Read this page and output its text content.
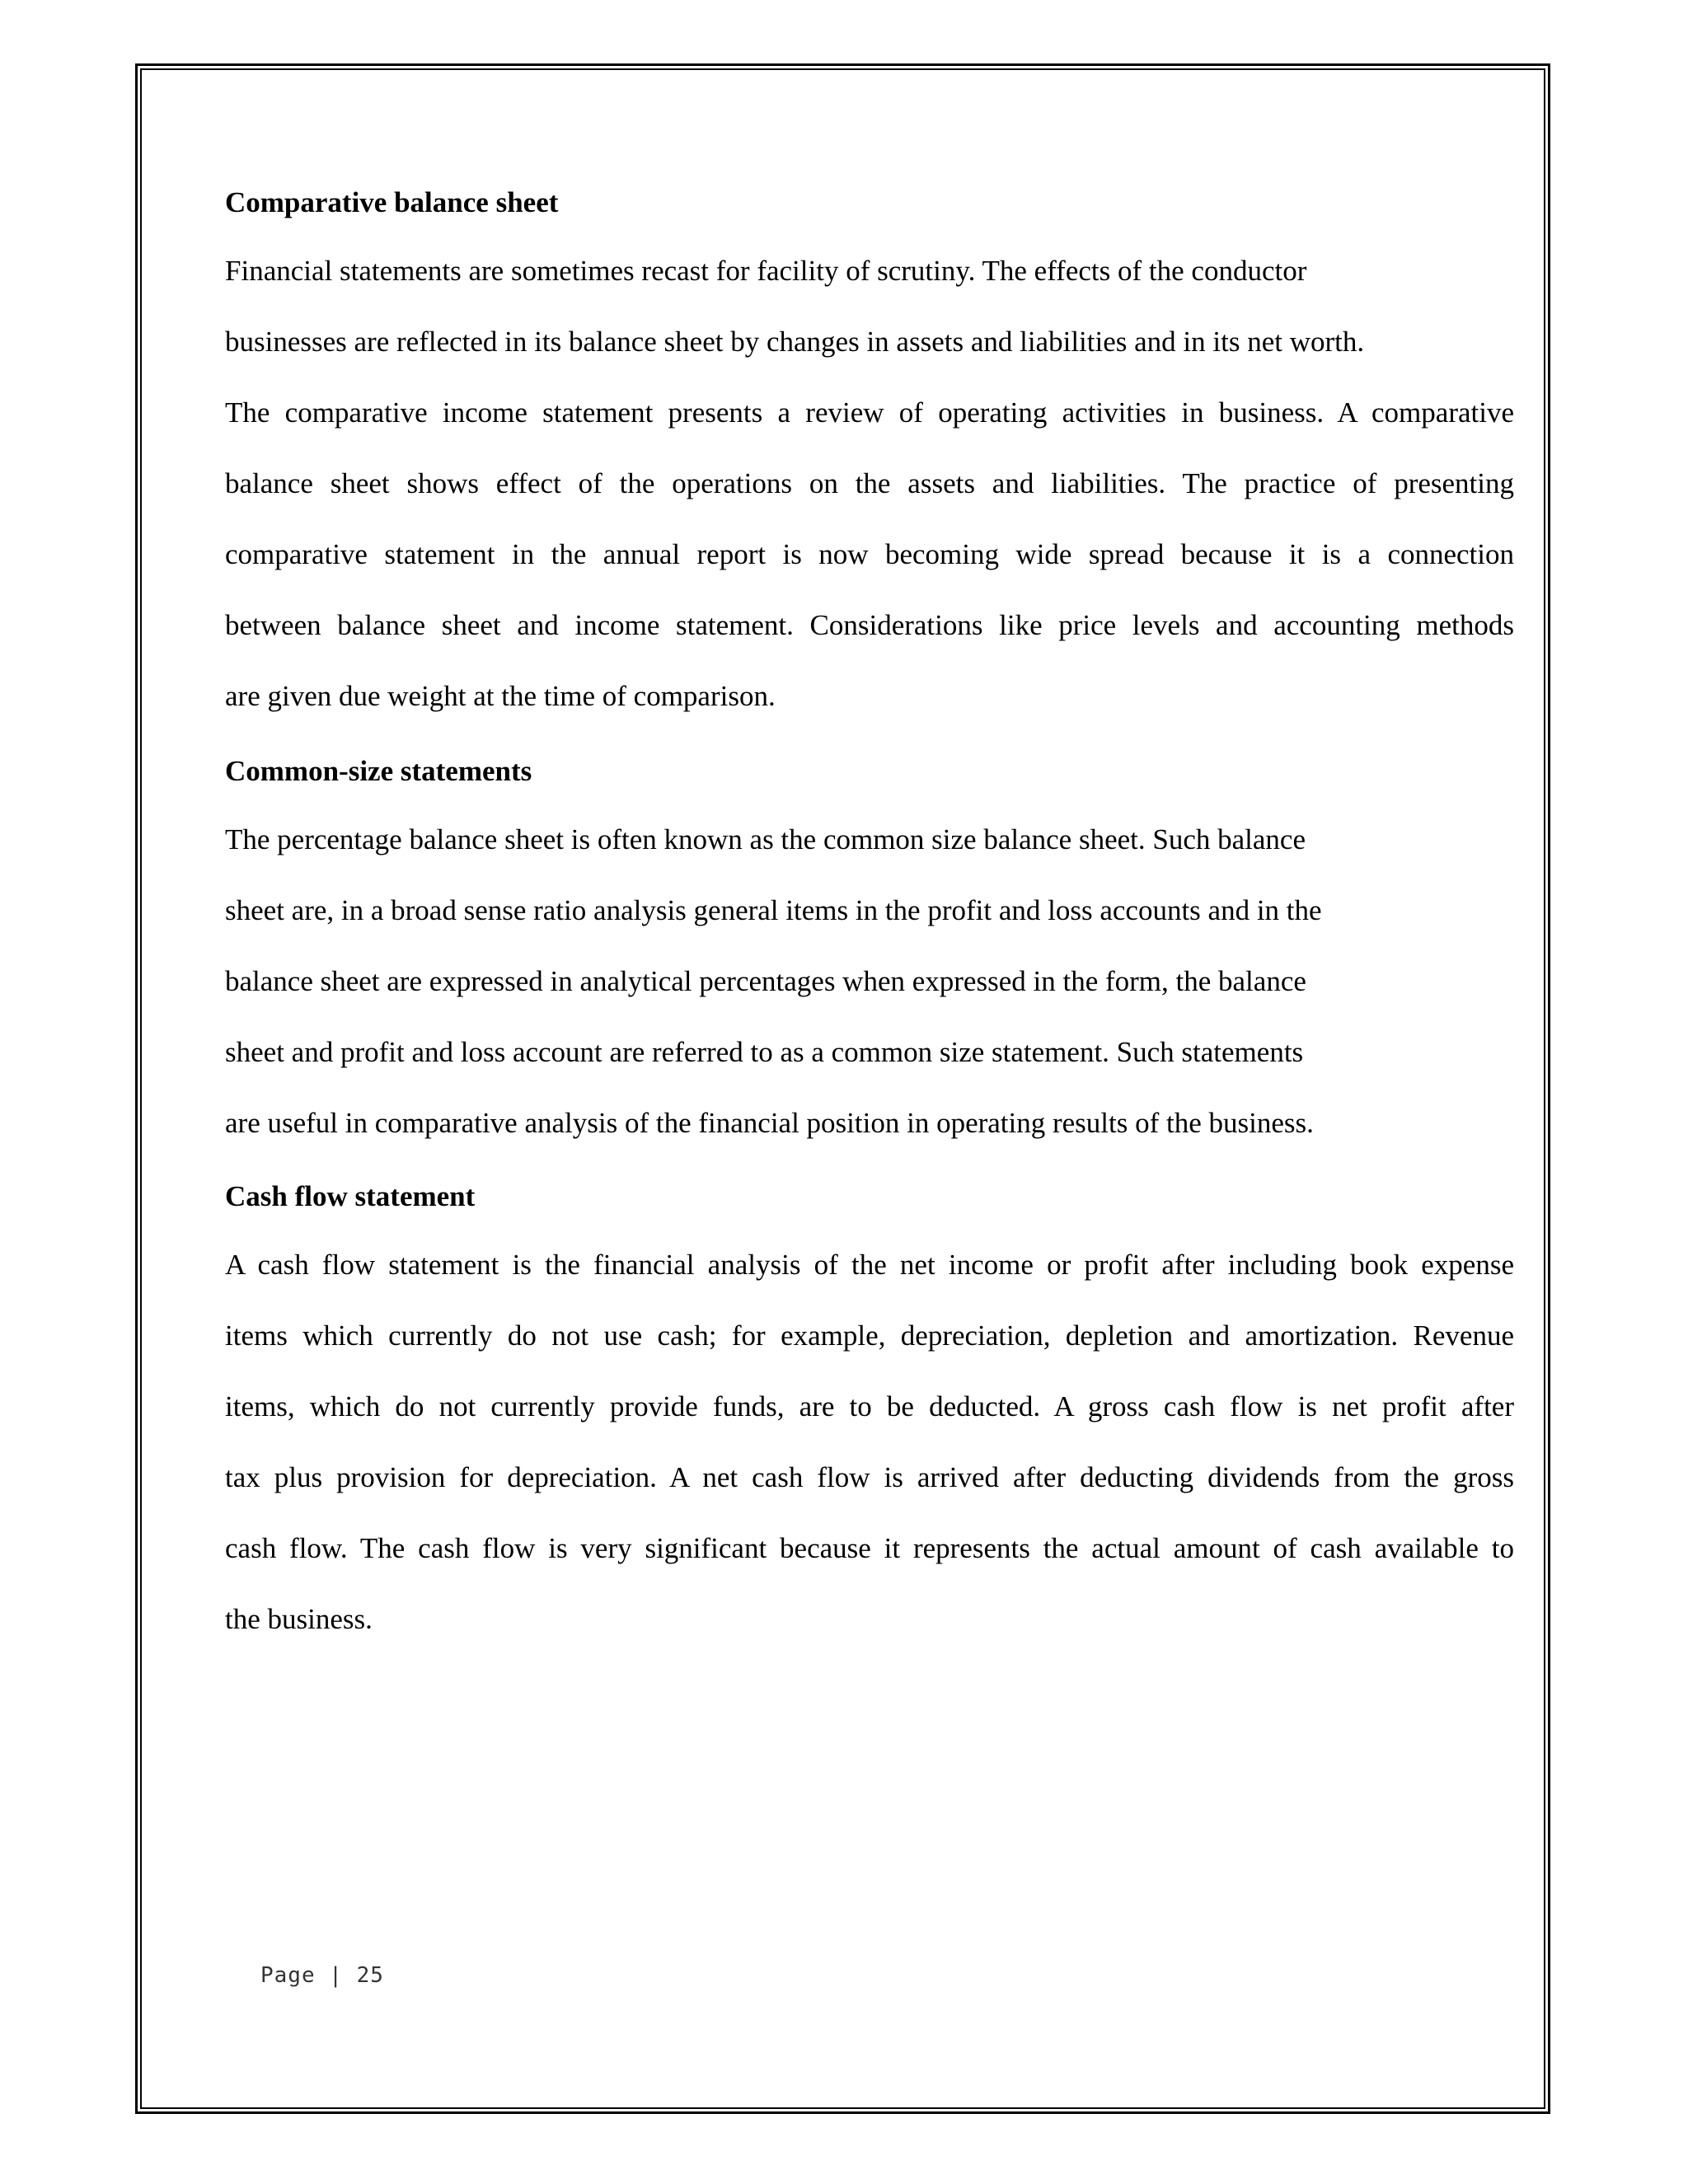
Comparative balance sheet
Financial statements are sometimes recast for facility of scrutiny. The effects of the conductor
businesses are reflected in its balance sheet by changes in assets and liabilities and in its net worth.
The comparative income statement presents a review of operating activities in business. A comparative
balance sheet shows effect of the operations on the assets and liabilities. The practice of presenting
comparative statement in the annual report is now becoming wide spread because it is a connection
between balance sheet and income statement. Considerations like price levels and accounting methods
are given due weight at the time of comparison.
Common-size statements
The percentage balance sheet is often known as the common size balance sheet. Such balance
sheet are, in a broad sense ratio analysis general items in the profit and loss accounts and in the
balance sheet are expressed in analytical percentages when expressed in the form, the balance
sheet and profit and loss account are referred to as a common size statement. Such statements
are useful in comparative analysis of the financial position in operating results of the business.
Cash flow statement
A cash flow statement is the financial analysis of the net income or profit after including book expense
items which currently do not use cash; for example, depreciation, depletion and amortization. Revenue
items, which do not currently provide funds, are to be deducted. A gross cash flow is net profit after
tax plus provision for depreciation. A net cash flow is arrived after deducting dividends from the gross
cash flow. The cash flow is very significant because it represents the actual amount of cash available to
the business.
Page | 25
